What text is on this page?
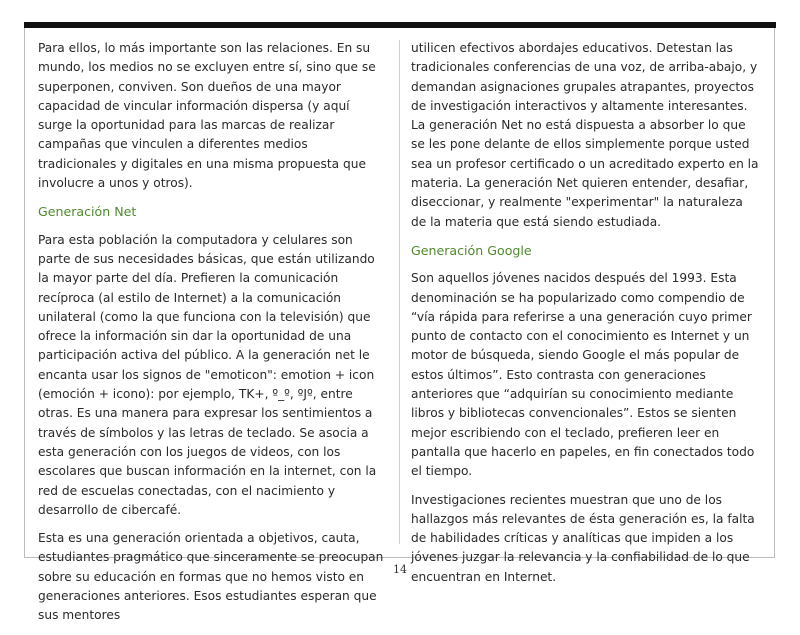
Para ellos, lo más importante son las relaciones. En su mundo, los medios no se excluyen entre sí, sino que se superponen, conviven. Son dueños de una mayor capacidad de vincular información dispersa (y aquí surge la oportunidad para las marcas de realizar campañas que vinculen a diferentes medios tradicionales y digitales en una misma propuesta que involucre a unos y otros).

Generación Net

Para esta población la computadora y celulares son parte de sus necesidades básicas, que están utilizando la mayor parte del día. Prefieren la comunicación recíproca (al estilo de Internet) a la comunicación unilateral (como la que funciona con la televisión) que ofrece la información sin dar la oportunidad de una participación activa del público. A la generación net le encanta usar los signos de "emoticon": emotion + icon (emoción + icono): por ejemplo, TK+, º_º, ºJº, entre otras. Es una manera para expresar los sentimientos a través de símbolos y las letras de teclado. Se asocia a esta generación con los juegos de videos, con los escolares que buscan información en la internet, con la red de escuelas conectadas, con el nacimiento y desarrollo de cibercafé.

Esta es una generación orientada a objetivos, cauta, estudiantes pragmático que sinceramente se preocupan sobre su educación en formas que no hemos visto en generaciones anteriores. Esos estudiantes esperan que sus mentores

utilicen efectivos abordajes educativos. Detestan las tradicionales conferencias de una voz, de arriba-abajo, y demandan asignaciones grupales atrapantes, proyectos de investigación interactivos y altamente interesantes. La generación Net no está dispuesta a absorber lo que se les pone delante de ellos simplemente porque usted sea un profesor certificado o un acreditado experto en la materia. La generación Net quieren entender, desafiar, diseccionar, y realmente "experimentar" la naturaleza de la materia que está siendo estudiada.

Generación Google

Son aquellos jóvenes nacidos después del 1993. Esta denominación se ha popularizado como compendio de “vía rápida para referirse a una generación cuyo primer punto de contacto con el conocimiento es Internet y un motor de búsqueda, siendo Google el más popular de estos últimos”. Esto contrasta con generaciones anteriores que “adquirían su conocimiento mediante libros y bibliotecas convencionales”. Estos se sienten mejor escribiendo con el teclado, prefieren leer en pantalla que hacerlo en papeles, en fin conectados todo el tiempo.

Investigaciones recientes muestran que uno de los hallazgos más relevantes de ésta generación es, la falta de habilidades críticas y analíticas que impiden a los jóvenes juzgar la relevancia y la confiabilidad de lo que encuentran en Internet.

14
